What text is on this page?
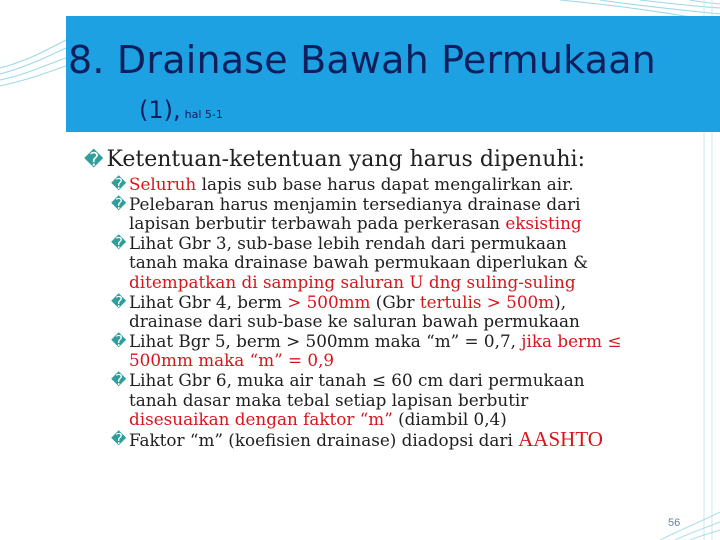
8. Drainase Bawah Permukaan
(1), hal 5-1
� Ketentuan-ketentuan yang harus dipenuhi:
� Seluruh lapis sub base harus dapat mengalirkan air.
� Pelebaran harus menjamin tersedianya drainase dari
lapisan berbutir terbawah pada perkerasan eksisting
� Lihat Gbr 3, sub-base lebih rendah dari permukaan
tanah maka drainase bawah permukaan diperlukan &
ditempatkan di samping saluran U dng suling-suling
� Lihat Gbr 4, berm > 500mm (Gbr tertulis > 500m),
drainase dari sub-base ke saluran bawah permukaan
� Lihat Bgr 5, berm > 500mm maka “m” = 0,7, jika berm ≤
500mm maka “m” = 0,9
� Lihat Gbr 6, muka air tanah ≤ 60 cm dari permukaan
tanah dasar maka tebal setiap lapisan berbutir
disesuaikan dengan faktor “m” (diambil 0,4)
� Faktor “m” (koefisien drainase) diadopsi dari AASHTO
56
